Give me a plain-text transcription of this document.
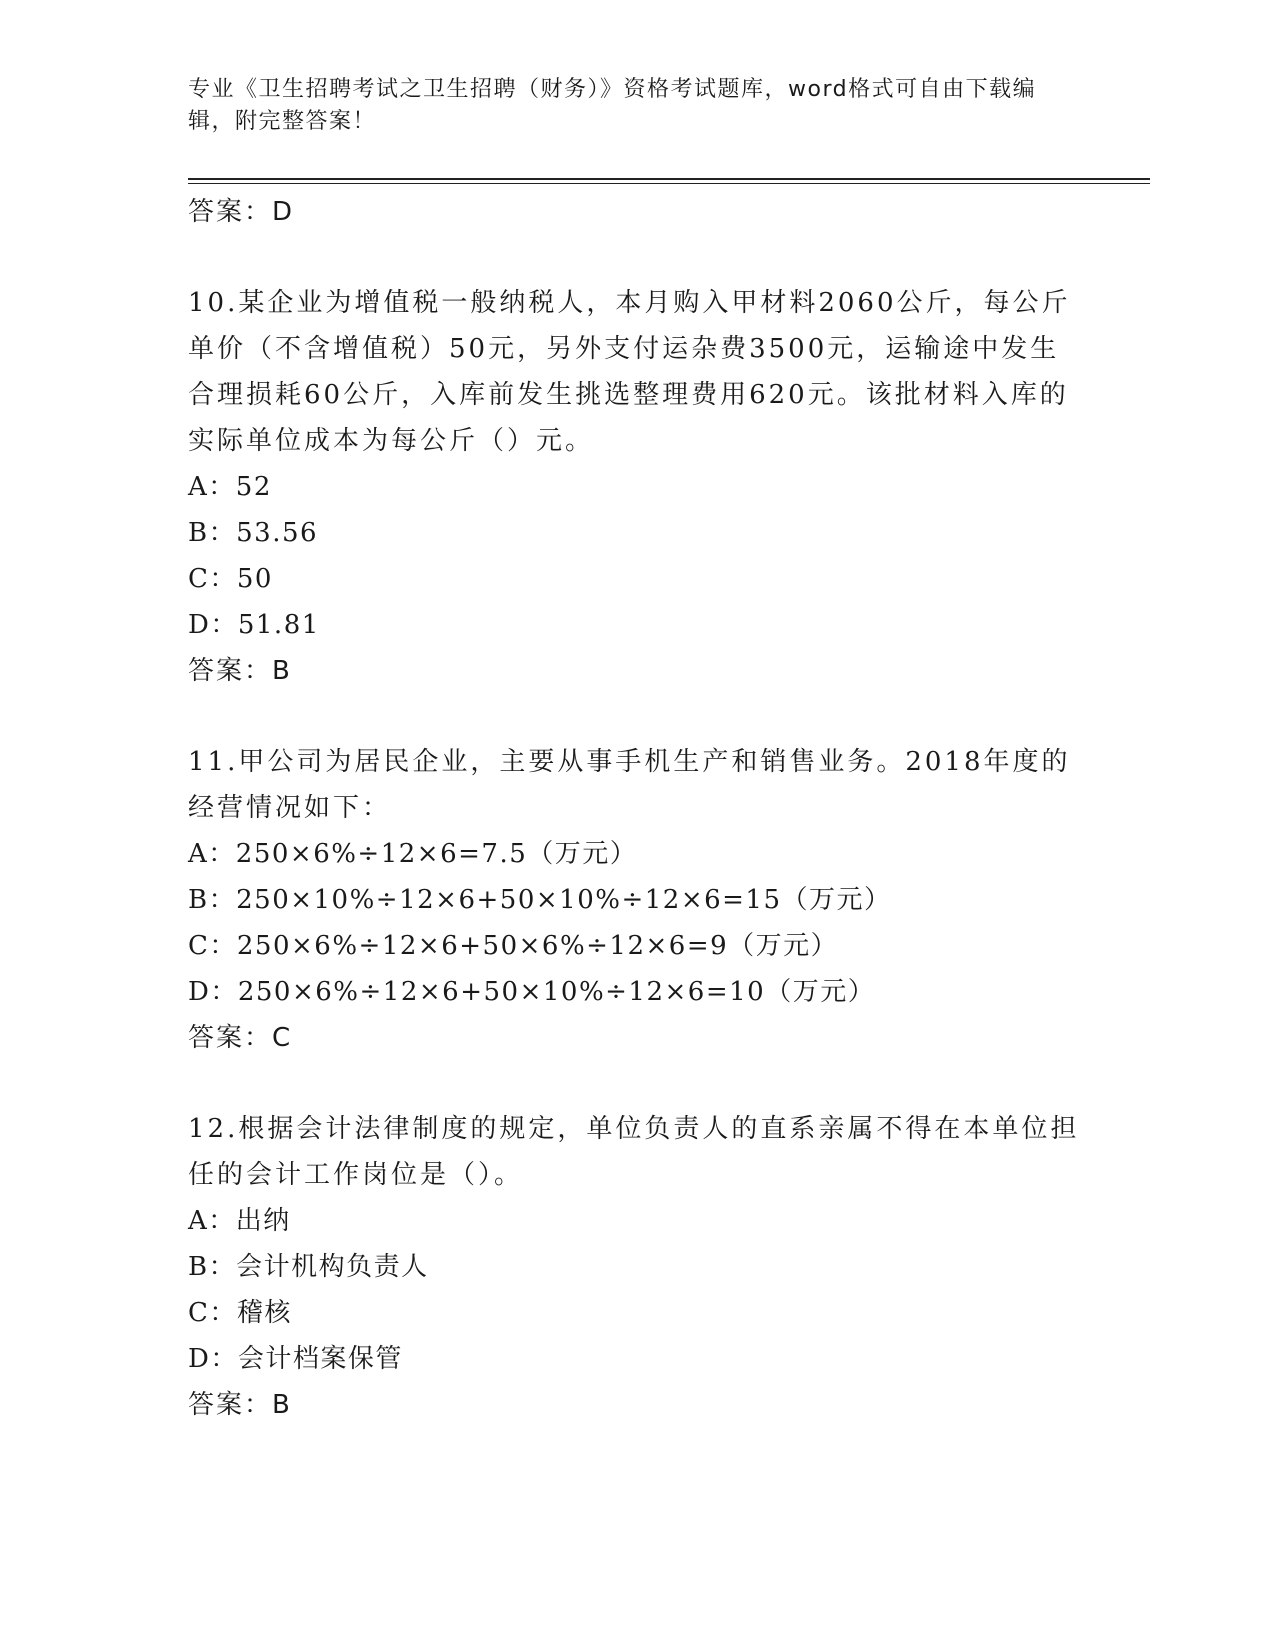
专业《卫生招聘考试之卫生招聘（财务）》资格考试题库，word格式可自由下载编辑，附完整答案！
答案：D

10.某企业为增值税一般纳税人，本月购入甲材料2060公斤，每公斤单价（不含增值税）50元，另外支付运杂费3500元，运输途中发生合理损耗60公斤，入库前发生挑选整理费用620元。该批材料入库的实际单位成本为每公斤（）元。

A：52
B：53.56
C：50
D：51.81
答案：B

11.甲公司为居民企业，主要从事手机生产和销售业务。2018年度的经营情况如下：

A：250×6%÷12×6=7.5（万元）
B：250×10%÷12×6+50×10%÷12×6=15（万元）
C：250×6%÷12×6+50×6%÷12×6=9（万元）
D：250×6%÷12×6+50×10%÷12×6=10（万元）
答案：C

12.根据会计法律制度的规定，单位负责人的直系亲属不得在本单位担任的会计工作岗位是（）。

A：出纳
B：会计机构负责人
C：稽核
D：会计档案保管
答案：B
